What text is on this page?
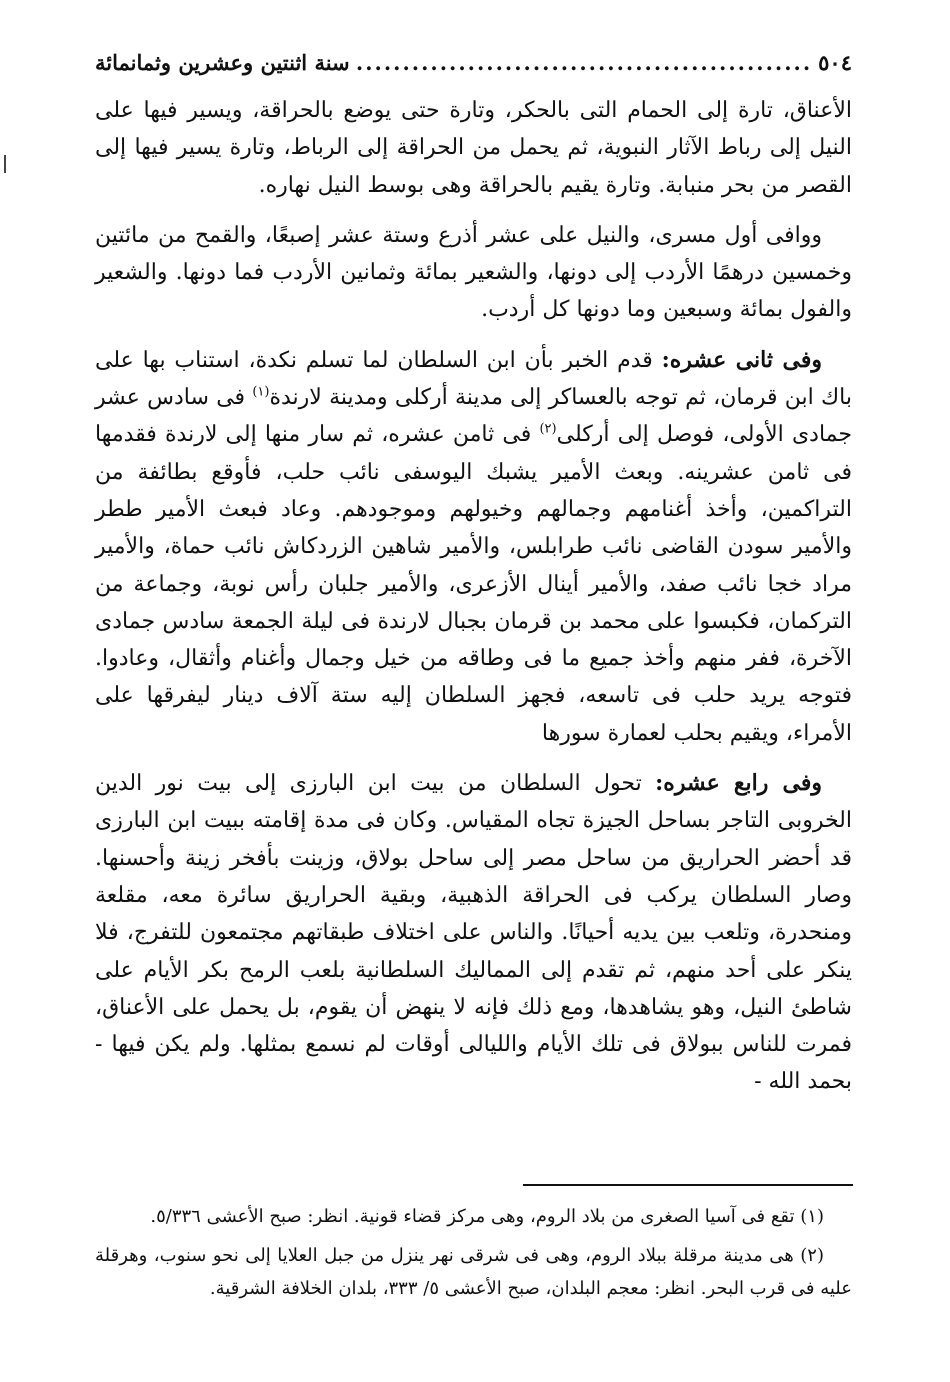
٥٠٤
.....
سنة اثنتين وعشرين وثمانمائة

الأعناق، تارة إلى الحمام التى بالحكر، وتارة حتى يوضع بالحراقة، ويسير فيها على النيل إلى رباط الآثار النبوية، ثم يحمل من الحراقة إلى الرباط، وتارة يسير فيها إلى القصر من بحر منبابة. وتارة يقيم بالحراقة وهى بوسط النيل نهاره.

ووافى أول مسرى، والنيل على عشر أذرع وستة عشر إصبعًا، والقمح من مائتين وخمسين درهمًا الأردب إلى دونها، والشعير بمائة وثمانين الأردب فما دونها. والشعير والفول بمائة وسبعين وما دونها كل أردب.

وفى ثانى عشره: قدم الخبر بأن ابن السلطان لما تسلم نكدة، استناب بها على باك ابن قرمان، ثم توجه بالعساكر إلى مدينة أركلى ومدينة لارندة$^{(١)}$ فى سادس عشر جمادى الأولى، فوصل إلى أركلى$^{(٢)}$ فى ثامن عشره، ثم سار منها إلى لارندة فقدمها فى ثامن عشرينه. وبعث الأمير يشبك اليوسفى نائب حلب، فأوقع بطائفة من التراكمين، وأخذ أغنامهم وجمالهم وخيولهم وموجودهم. وعاد فبعث الأمير ططر والأمير سودن القاضى نائب طرابلس، والأمير شاهين الزردكاش نائب حماة، والأمير مراد خجا نائب صفد، والأمير أينال الأزعرى، والأمير جلبان رأس نوبة، وجماعة من التركمان، فكبسوا على محمد بن قرمان بجبال لارندة فى ليلة الجمعة سادس جمادى الآخرة، ففر منهم وأخذ جميع ما فى وطاقه من خيل وجمال وأغنام وأثقال، وعادوا. فتوجه يريد حلب فى تاسعه، فجهز السلطان إليه ستة آلاف دينار ليفرقها على الأمراء، ويقيم بحلب لعمارة سورها

وفى رابع عشره: تحول السلطان من بيت ابن البارزى إلى بيت نور الدين الخروبى التاجر بساحل الجيزة تجاه المقياس. وكان فى مدة إقامته ببيت ابن البارزى قد أحضر الحراريق من ساحل مصر إلى ساحل بولاق، وزينت بأفخر زينة وأحسنها. وصار السلطان يركب فى الحراقة الذهبية، وبقية الحراريق سائرة معه، مقلعة ومنحدرة، وتلعب بين يديه أحيانًا. والناس على اختلاف طبقاتهم مجتمعون للتفرج، فلا ينكر على أحد منهم، ثم تقدم إلى المماليك السلطانية بلعب الرمح بكر الأيام على شاطئ النيل، وهو يشاهدها، ومع ذلك فإنه لا ينهض أن يقوم، بل يحمل على الأعناق، فمرت للناس ببولاق فى تلك الأيام والليالى أوقات لم نسمع بمثلها. ولم يكن فيها - بحمد الله -

(١) تقع فى آسيا الصغرى من بلاد الروم، وهى مركز قضاء قونية. انظر: صبح الأعشى ٥/٣٣٦.

(٢) هى مدينة مرقلة ببلاد الروم، وهى فى شرقى نهر ينزل من جبل العلايا إلى نحو سنوب، وهرقلة عليه فى قرب البحر. انظر: معجم البلدان، صبح الأعشى ٥/ ٣٣٣، بلدان الخلافة الشرقية.
